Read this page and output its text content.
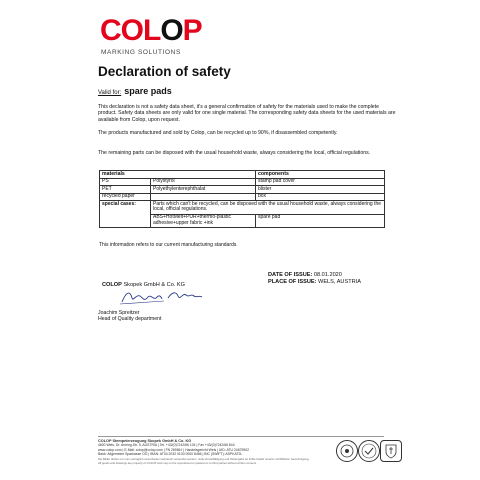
COLOP
MARKING SOLUTIONS
Declaration of safety
Valid for: spare pads
This declaration is not a safety data sheet, it's a general confirmation of safety for the materials used to make the complete product. Safety data sheets are only valid for one single material. The corresponding safety data sheets for the used materials are available from Colop, upon request.
The products manufactured and sold by Colop, can be recycled up to 90%, if disassembled competently.
The remaining parts can be disposed with the usual household waste, always considering the local, official regulations.
materials		components
PS	Polystyrol	stamp pad cover
PET	Polyethylenterephthalat	blister
recycled paper		box
special cases:	Parts which can't be recycled, can be disposed with the usual household waste, always considering the local, official regulations.	
	ABS+HotMelt+PUR+thermo-plastic adhesive+upper fabric +ink	spare pad
This information refers to our current manufacturing standards.
DATE OF ISSUE: 08.01.2020
PLACE OF ISSUE: WELS, AUSTRIA
COLOP Skopek GmbH & Co. KG
Joachim Spreitzer
Head of Quality department
COLOP Stempelerzeugung Skopek GmbH & Co. KG
4600 Wels, Dr. Arming-Str. 5, AUSTRIA | Tel. +43/(0)7242/66 104 | Fax +43/(0)7242/66 844
www.colop.com | E-Mail: colop@colop.com | FN 26986 f | Handelsgericht Wels | UID: ATU 24675902
Bank: Allgemeine Sparkasse OÖ | IBAN: AT04 2032 0100 0000 8466 | BIC (SWIFT): ASPKAT2L
Die Bilder dürfen nur zum vertraglich vereinbarten Gebrauch verwendet werden. Jede Vervielfältigung und Weitergabe an Dritte bedarf unserer schriftlichen Genehmigung.
All goods and drawings are property of COLOP and may not be reproduced or passed on to third parties without written consent.
